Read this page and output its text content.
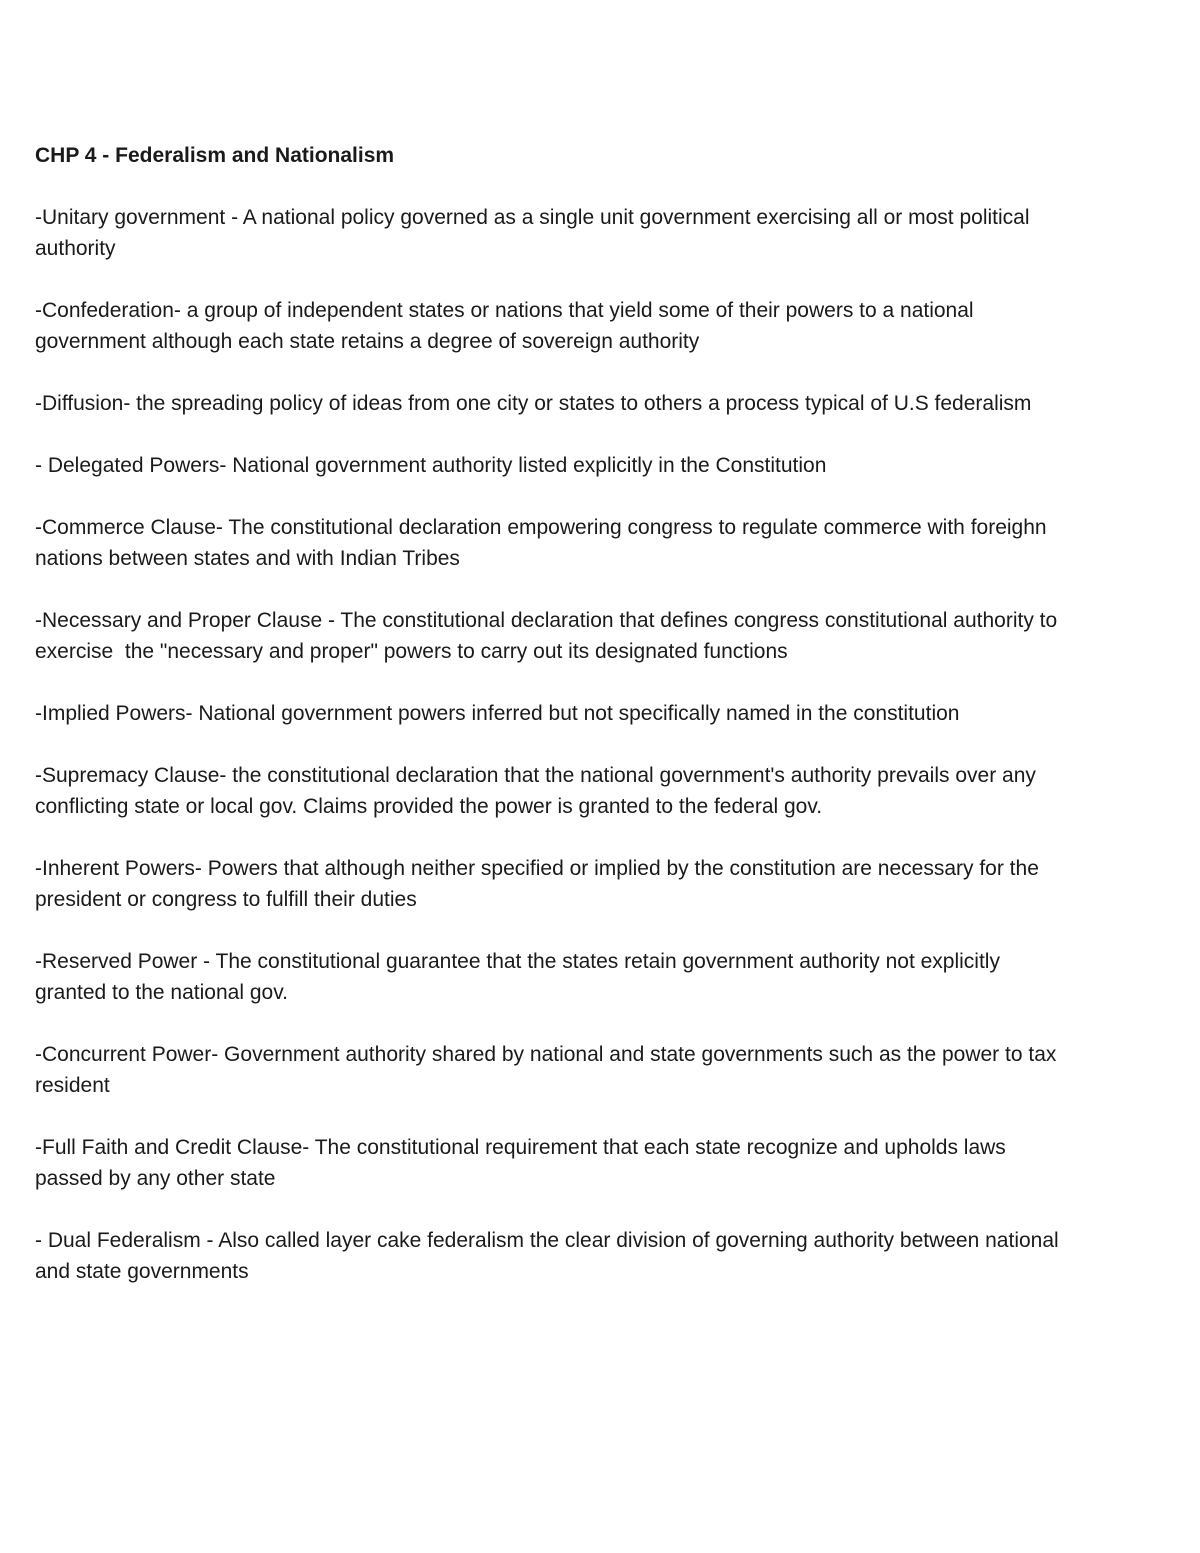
CHP 4 - Federalism and Nationalism
-Unitary government - A national policy governed as a single unit government exercising all or most political authority
-Confederation- a group of independent states or nations that yield some of their powers to a national government although each state retains a degree of sovereign authority
-Diffusion- the spreading policy of ideas from one city or states to others a process typical of U.S federalism
- Delegated Powers- National government authority listed explicitly in the Constitution
-Commerce Clause- The constitutional declaration empowering congress to regulate commerce with foreighn nations between states and with Indian Tribes
-Necessary and Proper Clause - The constitutional declaration that defines congress constitutional authority to exercise  the "necessary and proper" powers to carry out its designated functions
-Implied Powers- National government powers inferred but not specifically named in the constitution
-Supremacy Clause- the constitutional declaration that the national government's authority prevails over any conflicting state or local gov. Claims provided the power is granted to the federal gov.
-Inherent Powers- Powers that although neither specified or implied by the constitution are necessary for the president or congress to fulfill their duties
-Reserved Power - The constitutional guarantee that the states retain government authority not explicitly granted to the national gov.
-Concurrent Power- Government authority shared by national and state governments such as the power to tax resident
-Full Faith and Credit Clause- The constitutional requirement that each state recognize and upholds laws passed by any other state
- Dual Federalism - Also called layer cake federalism the clear division of governing authority between national and state governments
